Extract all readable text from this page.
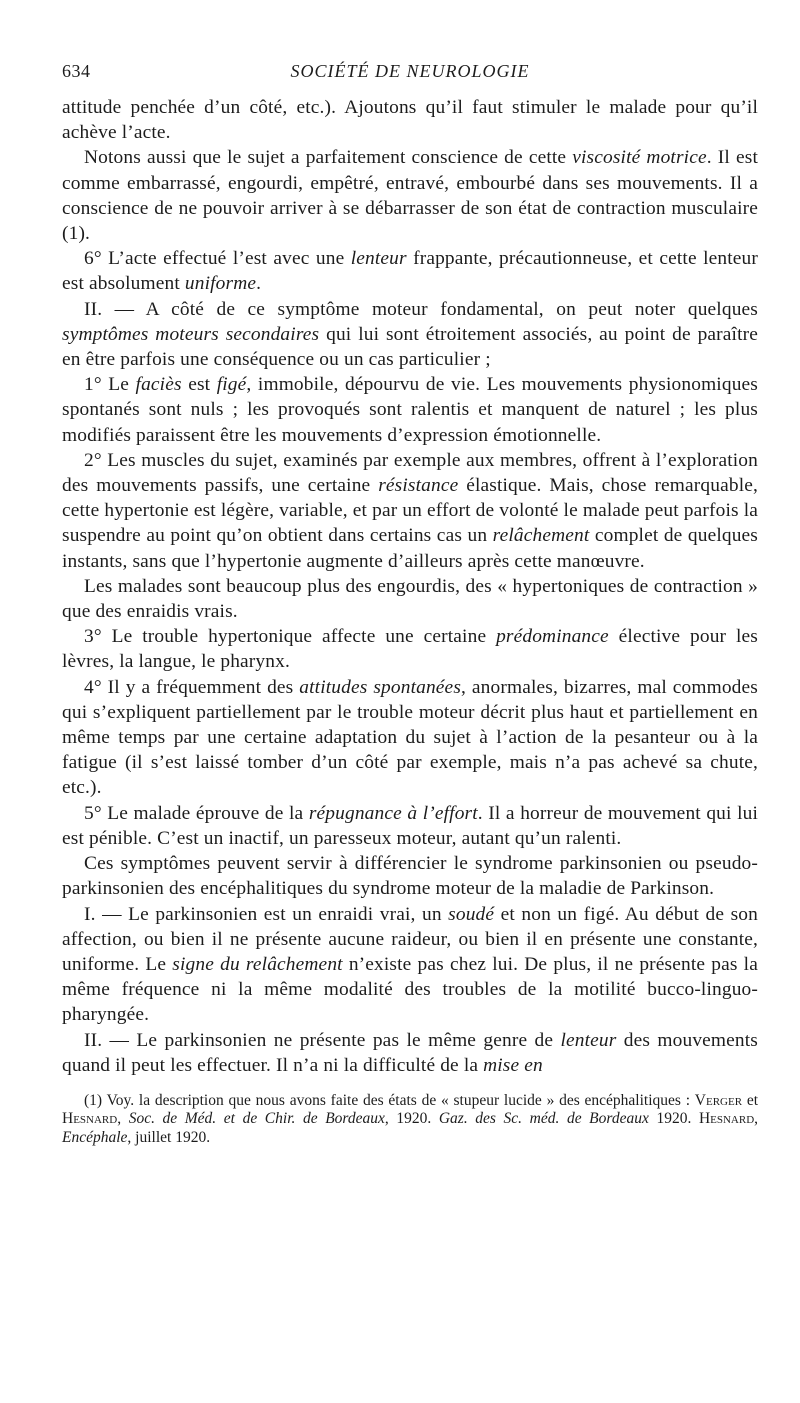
634	SOCIÉTÉ DE NEUROLOGIE

attitude penchée d’un côté, etc.). Ajoutons qu’il faut stimuler le malade pour qu’il achève l’acte.

Notons aussi que le sujet a parfaitement conscience de cette viscosité motrice. Il est comme embarrassé, engourdi, empêtré, entravé, embourbé dans ses mouvements. Il a conscience de ne pouvoir arriver à se débarrasser de son état de contraction musculaire (1).

6° L’acte effectué l’est avec une lenteur frappante, précautionneuse, et cette lenteur est absolument uniforme.

II. — A côté de ce symptôme moteur fondamental, on peut noter quelques symptômes moteurs secondaires qui lui sont étroitement associés, au point de paraître en être parfois une conséquence ou un cas particulier ;

1° Le faciès est figé, immobile, dépourvu de vie. Les mouvements physionomiques spontanés sont nuls ; les provoqués sont ralentis et manquent de naturel ; les plus modifiés paraissent être les mouvements d’expression émotionnelle.

2° Les muscles du sujet, examinés par exemple aux membres, offrent à l’exploration des mouvements passifs, une certaine résistance élastique. Mais, chose remarquable, cette hypertonie est légère, variable, et par un effort de volonté le malade peut parfois la suspendre au point qu’on obtient dans certains cas un relâchement complet de quelques instants, sans que l’hypertonie augmente d’ailleurs après cette manœuvre.

Les malades sont beaucoup plus des engourdis, des « hypertoniques de contraction » que des enraidis vrais.

3° Le trouble hypertonique affecte une certaine prédominance élective pour les lèvres, la langue, le pharynx.

4° Il y a fréquemment des attitudes spontanées, anormales, bizarres, mal commodes qui s’expliquent partiellement par le trouble moteur décrit plus haut et partiellement en même temps par une certaine adaptation du sujet à l’action de la pesanteur ou à la fatigue (il s’est laissé tomber d’un côté par exemple, mais n’a pas achevé sa chute, etc.).

5° Le malade éprouve de la répugnance à l’effort. Il a horreur de mouvement qui lui est pénible. C’est un inactif, un paresseux moteur, autant qu’un ralenti.

Ces symptômes peuvent servir à différencier le syndrome parkinsonien ou pseudo-parkinsonien des encéphalitiques du syndrome moteur de la maladie de Parkinson.

I. — Le parkinsonien est un enraidi vrai, un soudé et non un figé. Au début de son affection, ou bien il ne présente aucune raideur, ou bien il en présente une constante, uniforme. Le signe du relâchement n’existe pas chez lui. De plus, il ne présente pas la même fréquence ni la même modalité des troubles de la motilité bucco-linguo-pharyngée.

II. — Le parkinsonien ne présente pas le même genre de lenteur des mouvements quand il peut les effectuer. Il n’a ni la difficulté de la mise en

(1) Voy. la description que nous avons faite des états de « stupeur lucide » des encéphalitiques : Verger et Hesnard, Soc. de Méd. et de Chir. de Bordeaux, 1920. Gaz. des Sc. méd. de Bordeaux 1920. Hesnard, Encéphale, juillet 1920.
